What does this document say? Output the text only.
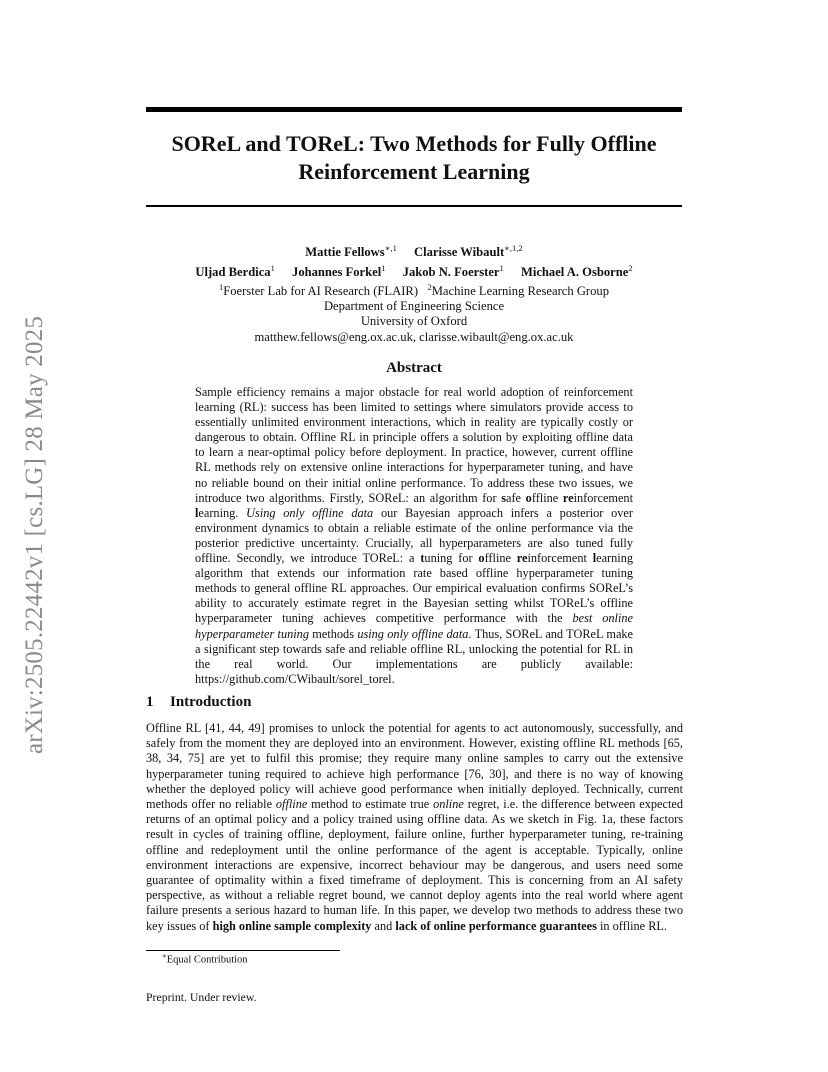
arXiv:2505.22442v1 [cs.LG] 28 May 2025
SOReL and TOReL: Two Methods for Fully Offline
Reinforcement Learning
Mattie Fellows$^{∗,1}$ Clarisse Wibault$^{∗,1,2}$
Uljad Berdica$^1$ Johannes Forkel$^1$ Jakob N. Foerster$^1$ Michael A. Osborne$^2$
$^1$Foerster Lab for AI Research (FLAIR) $^2$Machine Learning Research Group
Department of Engineering Science
University of Oxford
matthew.fellows@eng.ox.ac.uk, clarisse.wibault@eng.ox.ac.uk
Abstract
Sample efficiency remains a major obstacle for real world adoption of reinforcement learning (RL): success has been limited to settings where simulators provide access to essentially unlimited environment interactions, which in reality are typically costly or dangerous to obtain. Offline RL in principle offers a solution by exploiting offline data to learn a near-optimal policy before deployment. In practice, however, current offline RL methods rely on extensive online interactions for hyperparameter tuning, and have no reliable bound on their initial online performance. To address these two issues, we introduce two algorithms. Firstly, SOReL: an algorithm for safe offline reinforcement learning. Using only offline data our Bayesian approach infers a posterior over environment dynamics to obtain a reliable estimate of the online performance via the posterior predictive uncertainty. Crucially, all hyperparameters are also tuned fully offline. Secondly, we introduce TOReL: a tuning for offline reinforcement learning algorithm that extends our information rate based offline hyperparameter tuning methods to general offline RL approaches. Our empirical evaluation confirms SOReL’s ability to accurately estimate regret in the Bayesian setting whilst TOReL’s offline hyperparameter tuning achieves competitive performance with the best online hyperparameter tuning methods using only offline data. Thus, SOReL and TOReL make a significant step towards safe and reliable offline RL, unlocking the potential for RL in the real world. Our implementations are publicly available: https://github.com/CWibault/sorel_torel.
1 Introduction
Offline RL [41, 44, 49] promises to unlock the potential for agents to act autonomously, successfully, and safely from the moment they are deployed into an environment. However, existing offline RL methods [65, 38, 34, 75] are yet to fulfil this promise; they require many online samples to carry out the extensive hyperparameter tuning required to achieve high performance [76, 30], and there is no way of knowing whether the deployed policy will achieve good performance when initially deployed. Technically, current methods offer no reliable offline method to estimate true online regret, i.e. the difference between expected returns of an optimal policy and a policy trained using offline data. As we sketch in Fig. 1a, these factors result in cycles of training offline, deployment, failure online, further hyperparameter tuning, re-training offline and redeployment until the online performance of the agent is acceptable. Typically, online environment interactions are expensive, incorrect behaviour may be dangerous, and users need some guarantee of optimality within a fixed timeframe of deployment. This is concerning from an AI safety perspective, as without a reliable regret bound, we cannot deploy agents into the real world where agent failure presents a serious hazard to human life. In this paper, we develop two methods to address these two key issues of high online sample complexity and lack of online performance guarantees in offline RL.
∗Equal Contribution
Preprint. Under review.
